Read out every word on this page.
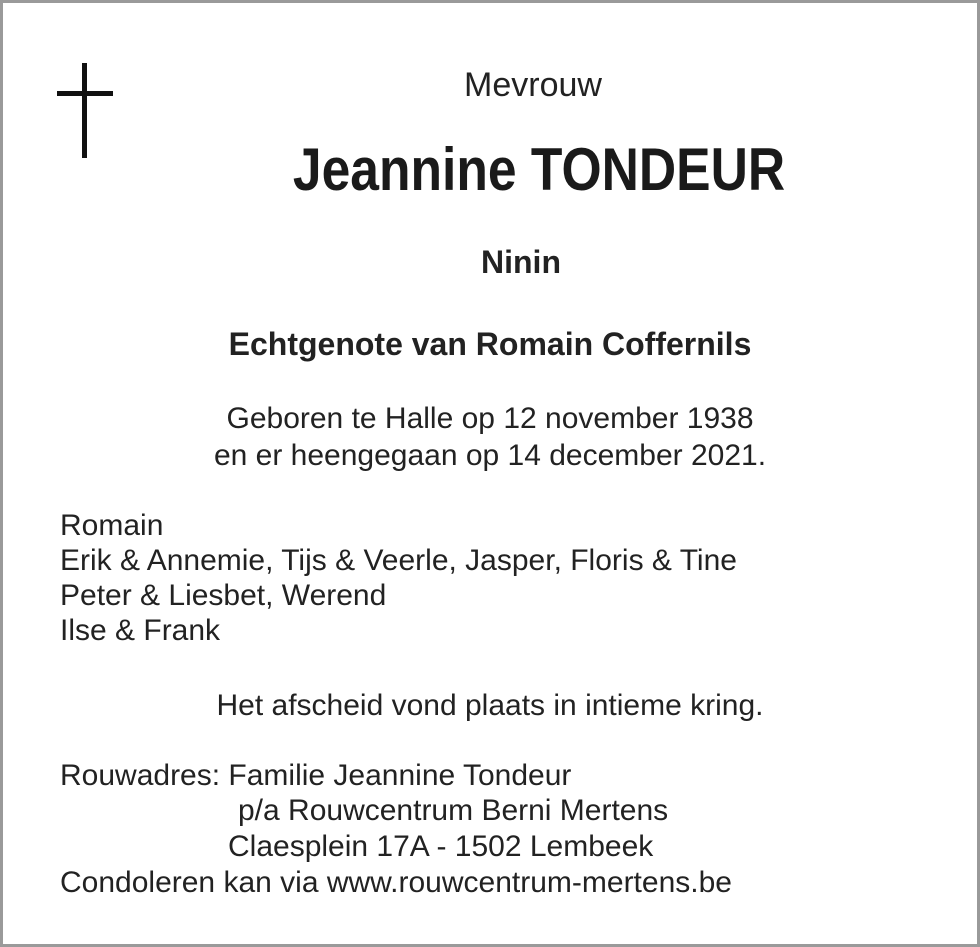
Mevrouw
Jeannine TONDEUR
Ninin
Echtgenote van Romain Coffernils
Geboren te Halle op 12 november 1938
en er heengegaan op 14 december 2021.
Romain
Erik & Annemie, Tijs & Veerle, Jasper, Floris & Tine
Peter & Liesbet, Werend
Ilse & Frank
Het afscheid vond plaats in intieme kring.
Rouwadres: Familie Jeannine Tondeur
p/a Rouwcentrum Berni Mertens
Claesplein 17A - 1502 Lembeek
Condoleren kan via www.rouwcentrum-mertens.be
